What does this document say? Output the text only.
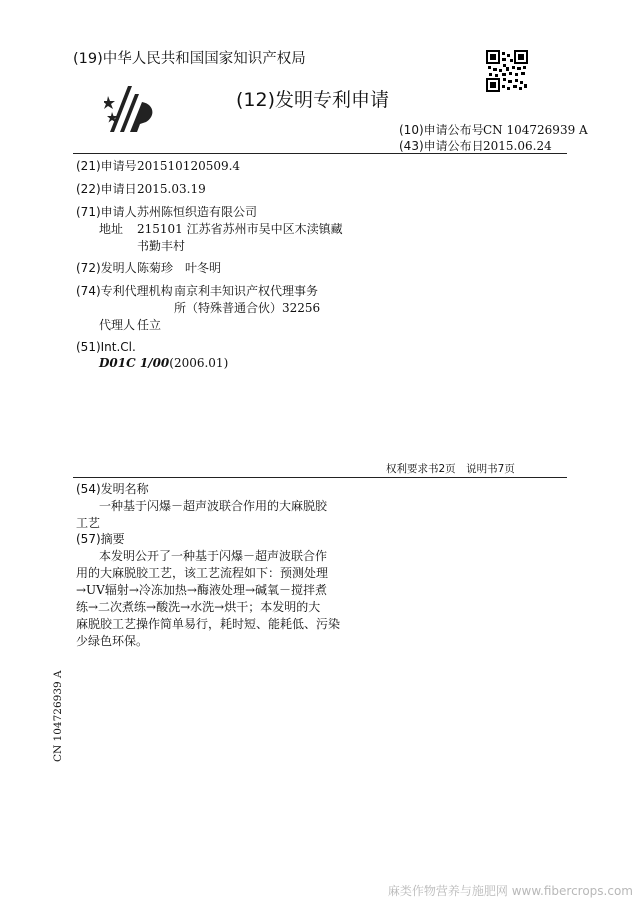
(19)中华人民共和国国家知识产权局
(12)发明专利申请
(10)申请公布号 CN 104726939 A
(43)申请公布日 2015.06.24
(21)申请号 201510120509.4
(22)申请日 2015.03.19
(71)申请人 苏州陈恒织造有限公司
地址 215101 江苏省苏州市吴中区木渎镇藏
书勤丰村
(72)发明人 陈菊珍　叶冬明
(74)专利代理机构 南京利丰知识产权代理事务
所（特殊普通合伙）32256
代理人 任立
(51)Int.Cl.
D01C 1/00(2006.01)
权利要求书2页　说明书7页
(54)发明名称
一种基于闪爆－超声波联合作用的大麻脱胶
工艺
(57)摘要
本发明公开了一种基于闪爆－超声波联合作
用的大麻脱胶工艺，该工艺流程如下：预测处理
→UV辐射→冷冻加热→酶液处理→碱氧－搅拌煮
练→二次煮练→酸洗→水洗→烘干；本发明的大
麻脱胶工艺操作简单易行，耗时短、能耗低、污染
少绿色环保。
CN 104726939 A
麻类作物营养与施肥网 www.fibercrops.com
